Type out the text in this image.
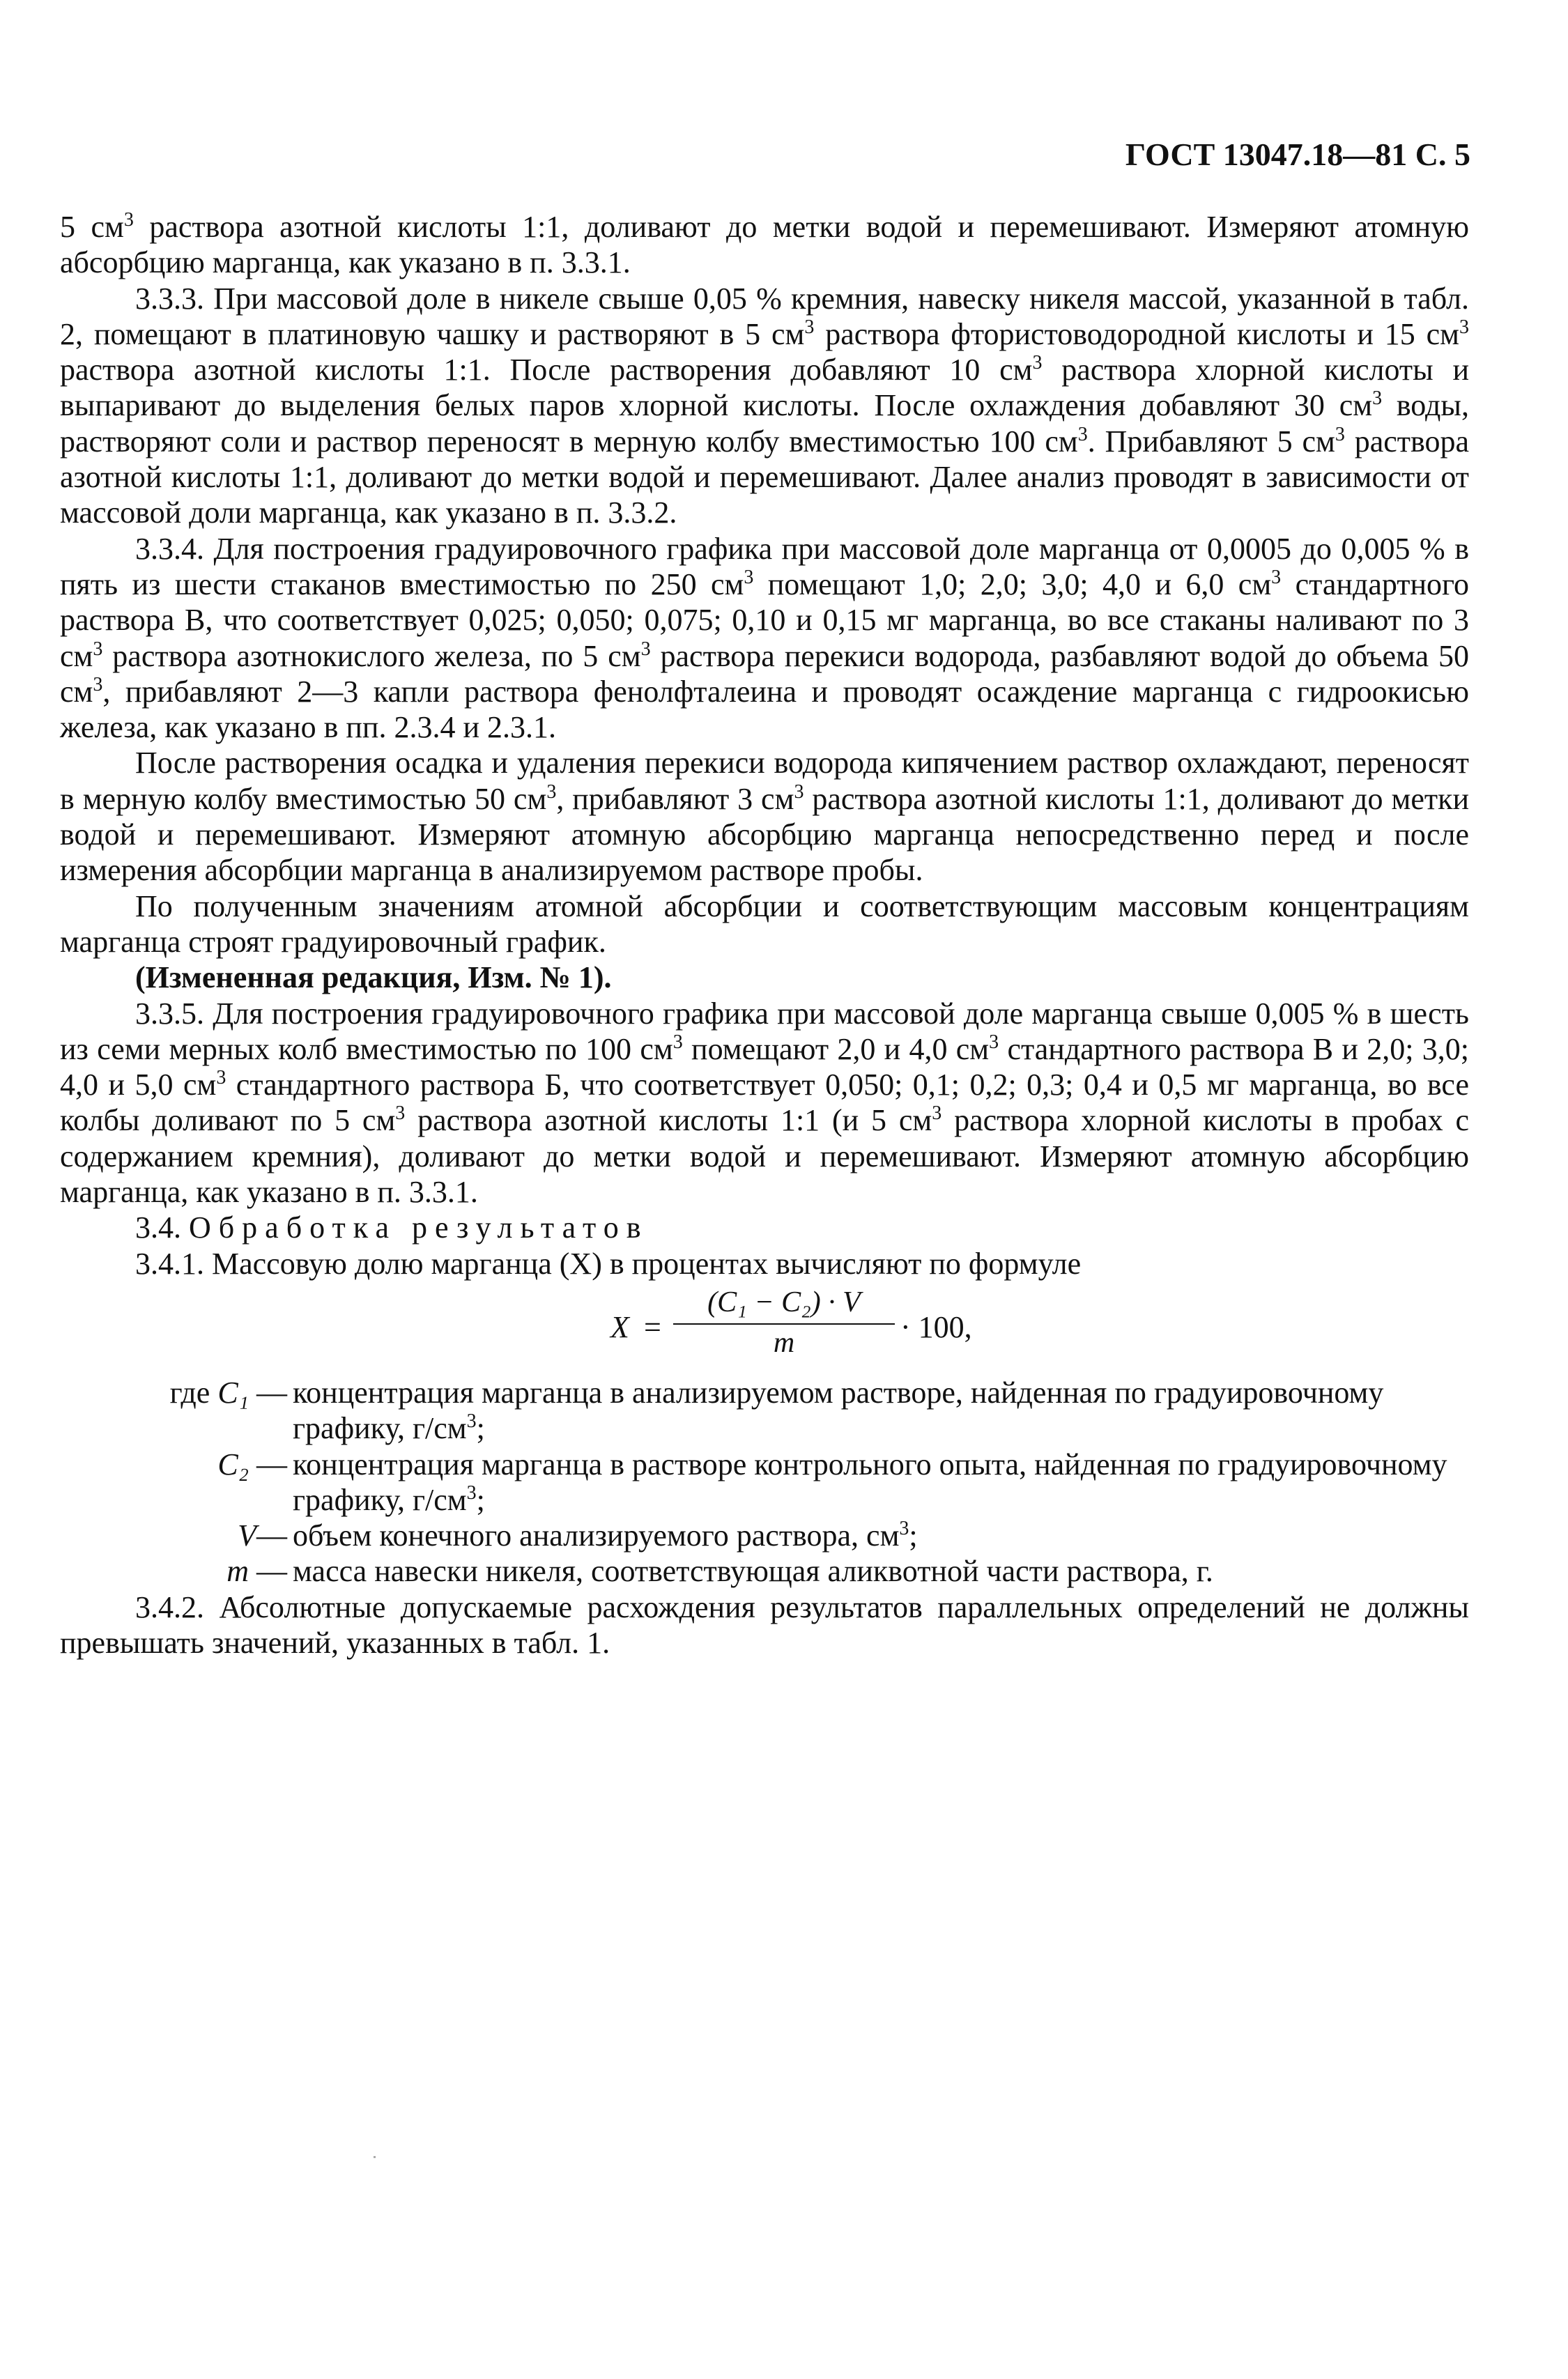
ГОСТ 13047.18—81 С. 5

5 $см^3$ раствора азотной кислоты 1:1, доливают до метки водой и перемешивают. Измеряют атомную абсорбцию марганца, как указано в п. 3.3.1.

3.3.3. При массовой доле в никеле свыше 0,05 % кремния, навеску никеля массой, указанной в табл. 2, помещают в платиновую чашку и растворяют в 5 $см^3$ раствора фтористоводородной кислоты и 15 $см^3$ раствора азотной кислоты 1:1. После растворения добавляют 10 $см^3$ раствора хлорной кислоты и выпаривают до выделения белых паров хлорной кислоты. После охлаждения добавляют 30 $см^3$ воды, растворяют соли и раствор переносят в мерную колбу вместимостью 100 $см^3$. Прибавляют 5 $см^3$ раствора азотной кислоты 1:1, доливают до метки водой и перемешивают. Далее анализ проводят в зависимости от массовой доли марганца, как указано в п. 3.3.2.

3.3.4. Для построения градуировочного графика при массовой доле марганца от 0,0005 до 0,005 % в пять из шести стаканов вместимостью по 250 $см^3$ помещают 1,0; 2,0; 3,0; 4,0 и 6,0 $см^3$ стандартного раствора В, что соответствует 0,025; 0,050; 0,075; 0,10 и 0,15 мг марганца, во все стаканы наливают по 3 $см^3$ раствора азотнокислого железа, по 5 $см^3$ раствора перекиси водорода, разбавляют водой до объема 50 $см^3$, прибавляют 2—3 капли раствора фенолфталеина и проводят осаждение марганца с гидроокисью железа, как указано в пп. 2.3.4 и 2.3.1.

После растворения осадка и удаления перекиси водорода кипячением раствор охлаждают, переносят в мерную колбу вместимостью 50 $см^3$, прибавляют 3 $см^3$ раствора азотной кислоты 1:1, доливают до метки водой и перемешивают. Измеряют атомную абсорбцию марганца непосредственно перед и после измерения абсорбции марганца в анализируемом растворе пробы.

По полученным значениям атомной абсорбции и соответствующим массовым концентрациям марганца строят градуировочный график.

(Измененная редакция, Изм. № 1).

3.3.5. Для построения градуировочного графика при массовой доле марганца свыше 0,005 % в шесть из семи мерных колб вместимостью по 100 $см^3$ помещают 2,0 и 4,0 $см^3$ стандартного раствора В и 2,0; 3,0; 4,0 и 5,0 $см^3$ стандартного раствора Б, что соответствует 0,050; 0,1; 0,2; 0,3; 0,4 и 0,5 мг марганца, во все колбы доливают по 5 $см^3$ раствора азотной кислоты 1:1 (и 5 $см^3$ раствора хлорной кислоты в пробах с содержанием кремния), доливают до метки водой и перемешивают. Измеряют атомную абсорбцию марганца, как указано в п. 3.3.1.

3.4. Обработка результатов

3.4.1. Массовую долю марганца (X) в процентах вычисляют по формуле

X =
(C₁ − C₂) · V
m	· 100,
где C₁ — концентрация марганца в анализируемом растворе, найденная по градуировочному графику, $г/см^3$;
C₂ — концентрация марганца в растворе контрольного опыта, найденная по градуировочному графику, $г/см^3$;
V— объем конечного анализируемого раствора, $см^3$;
m — масса навески никеля, соответствующая аликвотной части раствора, г.

3.4.2. Абсолютные допускаемые расхождения результатов параллельных определений не должны превышать значений, указанных в табл. 1.
